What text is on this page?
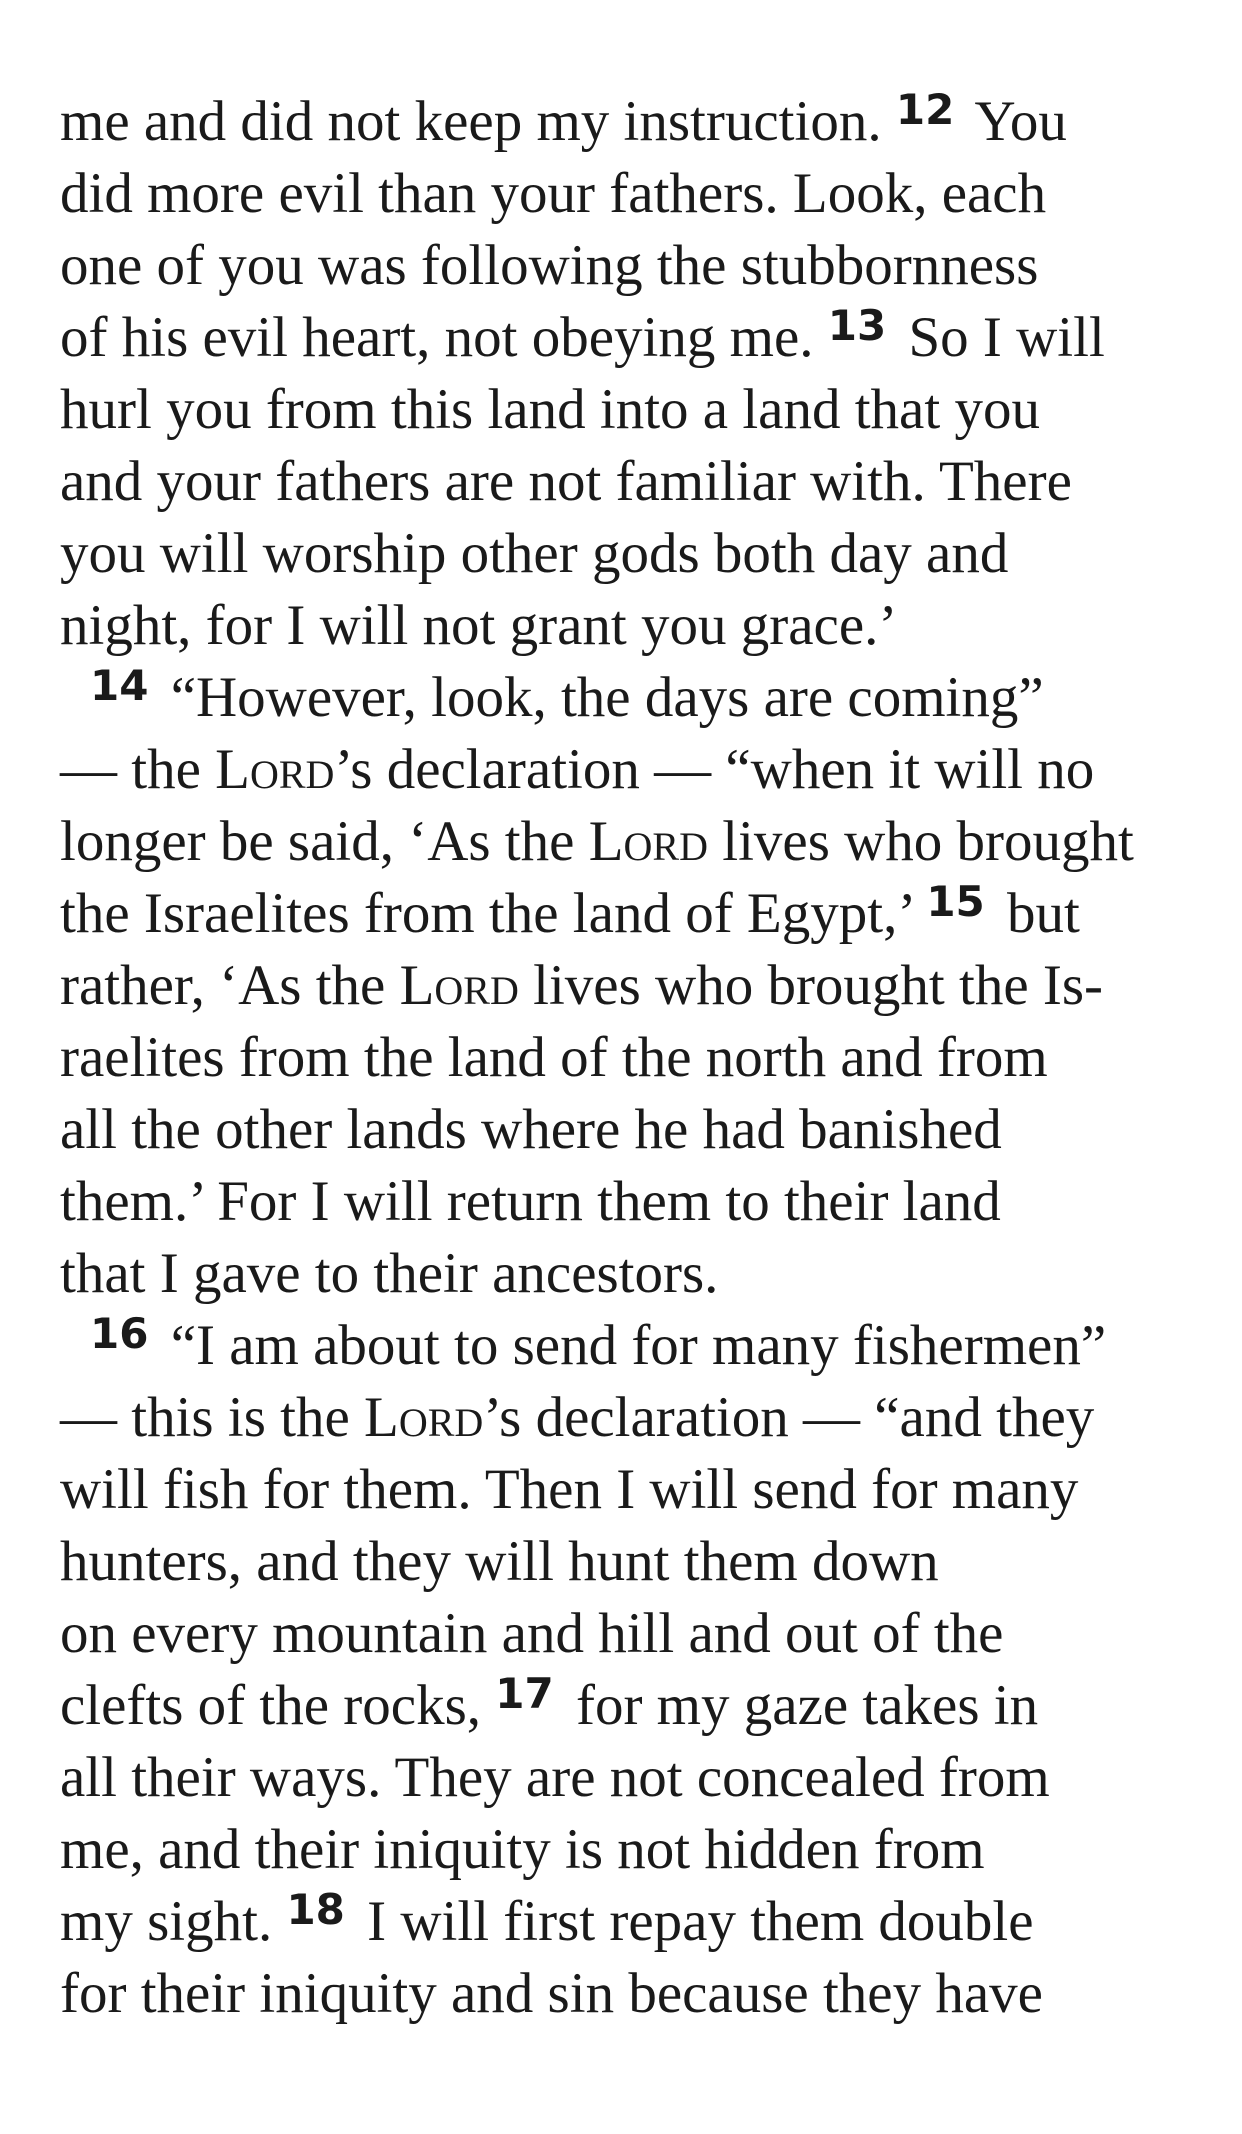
me and did not keep my instruction. $^{12}$ You
did more evil than your fathers. Look, each
one of you was following the stubbornness
of his evil heart, not obeying me. $^{13}$ So I will
hurl you from this land into a land that you
and your fathers are not familiar with. There
you will worship other gods both day and
night, for I will not grant you grace.’
$^{14}$ “However, look, the days are coming”
— the Lord’s declaration — “when it will no
longer be said, ‘As the Lord lives who brought
the Israelites from the land of Egypt,’ $^{15}$ but
rather, ‘As the Lord lives who brought the Is-
raelites from the land of the north and from
all the other lands where he had banished
them.’ For I will return them to their land
that I gave to their ancestors.
$^{16}$ “I am about to send for many fishermen”
— this is the Lord’s declaration — “and they
will fish for them. Then I will send for many
hunters, and they will hunt them down
on every mountain and hill and out of the
clefts of the rocks, $^{17}$ for my gaze takes in
all their ways. They are not concealed from
me, and their iniquity is not hidden from
my sight. $^{18}$ I will first repay them double
for their iniquity and sin because they have
